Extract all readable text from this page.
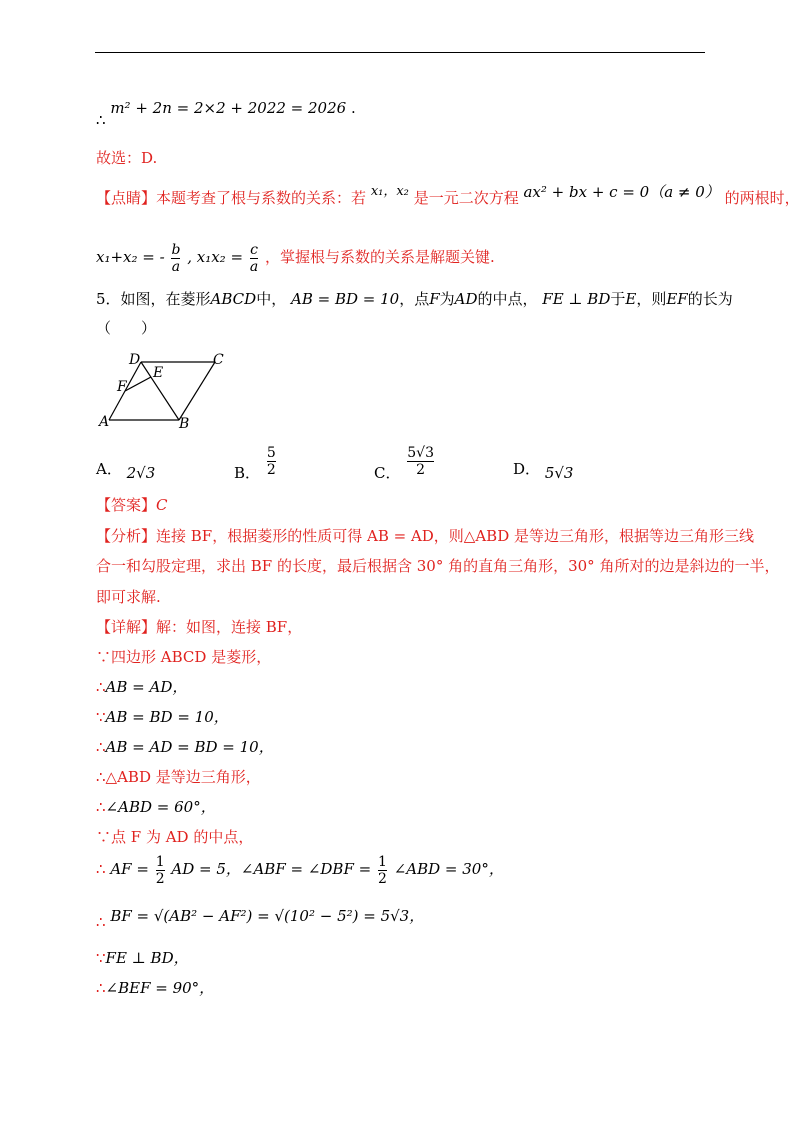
∴ m² + 2n = 2×2 + 2022 = 2026 .
故选：D.
【点睛】本题考查了根与系数的关系：若 x₁，x₂ 是一元二次方程 ax² + bx + c = 0（a ≠ 0） 的两根时，
x₁+x₂ = - $\frac{b}{a}$ , $x_1x_2 = \frac{c}{a}$ ，掌握根与系数的关系是解题关键.
5．如图，在菱形ABCD中， AB = BD = 10，点F为AD的中点， FE ⊥ BD于E，则EF的长为
（　　）
D	C
E
F
A	B
A． 2√3	B． $\frac{5}{2}$	C． $\frac{5√3}{2}$	D． 5√3
【答案】C
【分析】连接 BF，根据菱形的性质可得 AB = AD，则△ABD 是等边三角形，根据等边三角形三线
合一和勾股定理，求出 BF 的长度，最后根据含 30° 角的直角三角形，30° 角所对的边是斜边的一半，
即可求解.
【详解】解：如图，连接 BF，
∵四边形 ABCD 是菱形，
∴AB = AD，
∵AB = BD = 10，
∴AB = AD = BD = 10，
∴△ABD 是等边三角形，
∴∠ABD = 60°，
∵点 F 为 AD 的中点，
∴ AF = $\frac{1}{2}$ AD = 5，∠ABF = ∠DBF = $\frac{1}{2}$ ∠ABD = 30°，
∴ BF = √(AB² − AF²) = √(10² − 5²) = 5√3，
∵FE ⊥ BD，
∴∠BEF = 90°，
